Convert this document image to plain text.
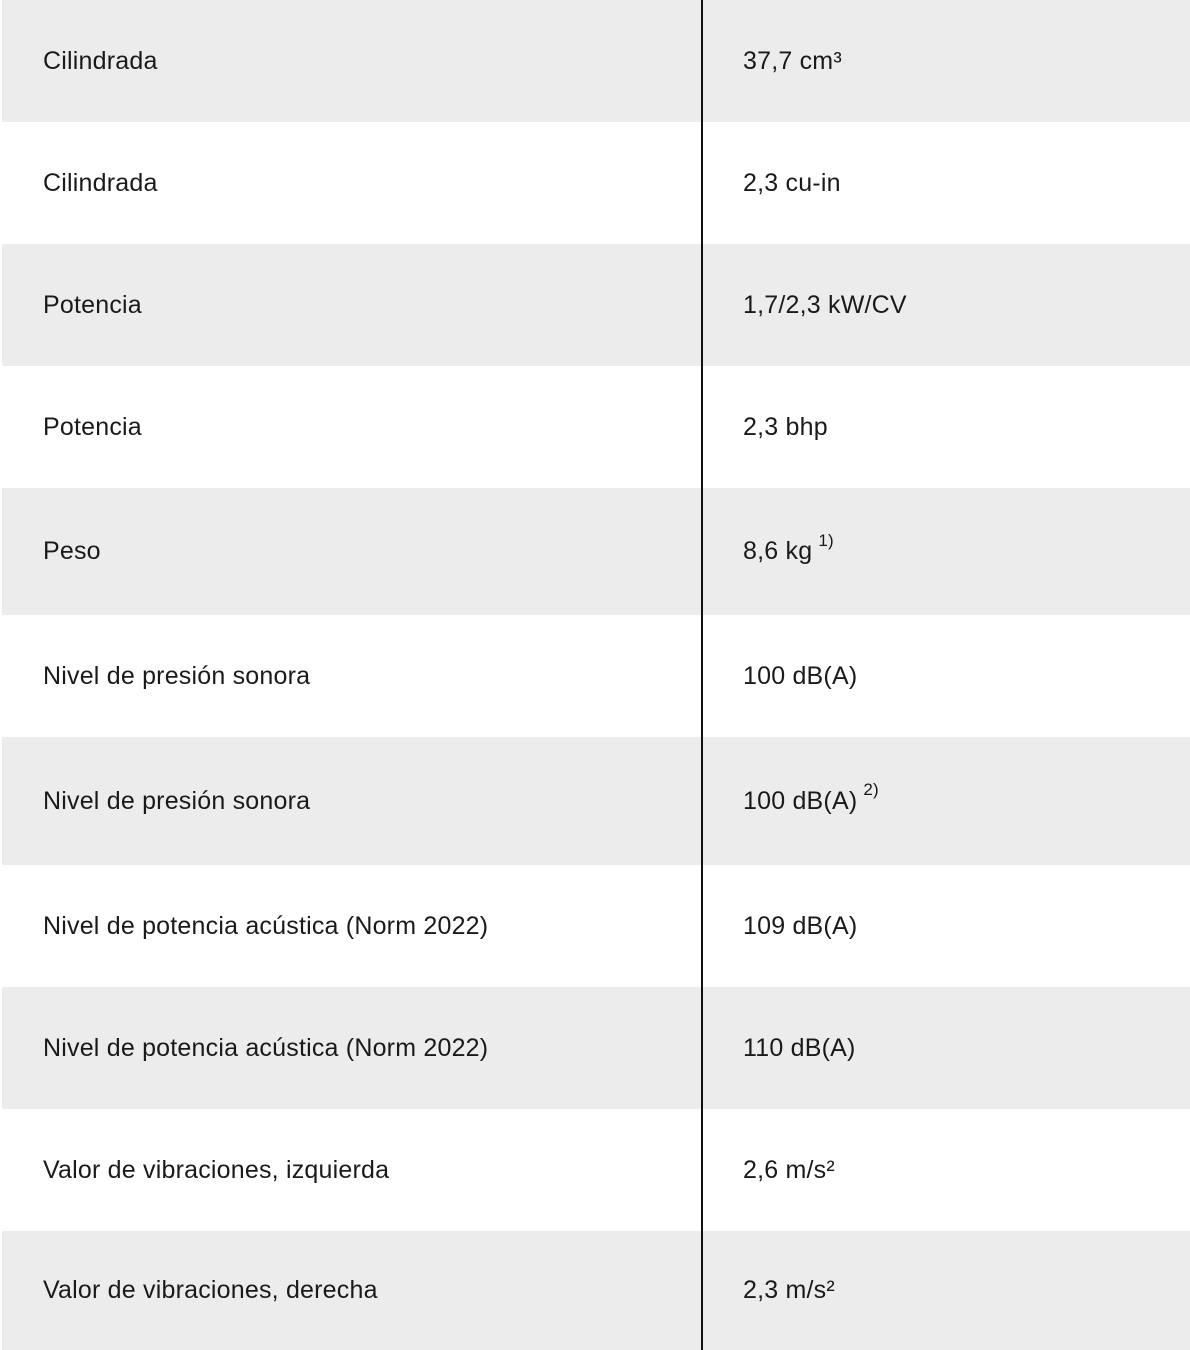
Cilindrada	37,7 cm³
Cilindrada	2,3 cu-in
Potencia	1,7/2,3 kW/CV
Potencia	2,3 bhp
Peso	8,6 kg $^{1)}$
Nivel de presión sonora	100 dB(A)
Nivel de presión sonora	100 dB(A) $^{2)}$
Nivel de potencia acústica (Norm 2022)	109 dB(A)
Nivel de potencia acústica (Norm 2022)	110 dB(A)
Valor de vibraciones, izquierda	2,6 m/s²
Valor de vibraciones, derecha	2,3 m/s²
